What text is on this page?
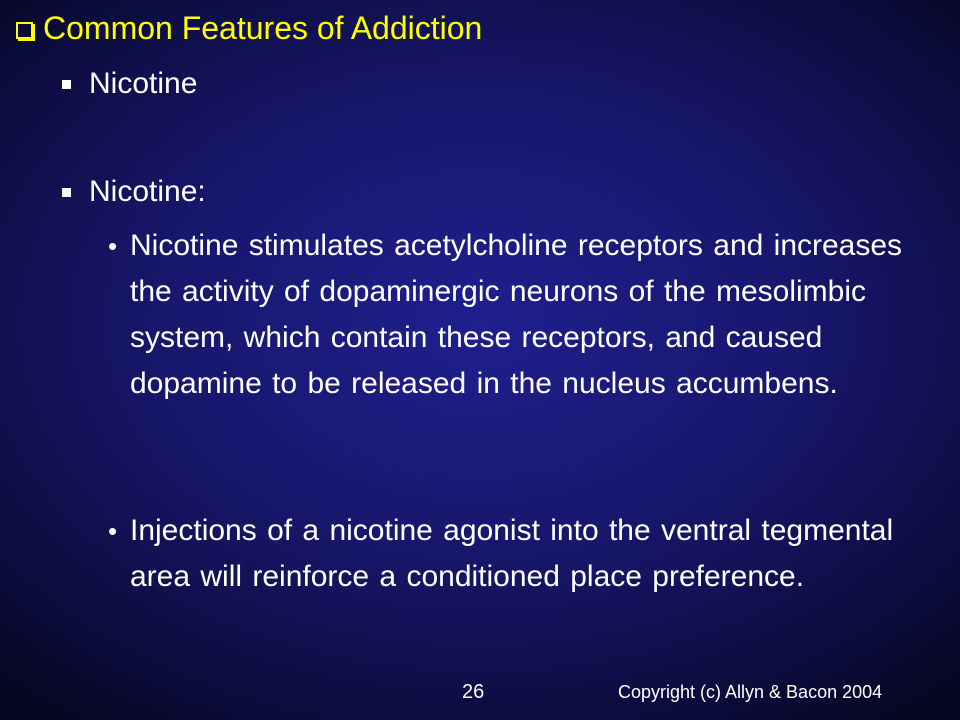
Common Features of Addiction
Nicotine
Nicotine:
• Nicotine stimulates acetylcholine receptors and increases the activity of dopaminergic neurons of the mesolimbic system, which contain these receptors, and caused dopamine to be released in the nucleus accumbens.
• Injections of a nicotine agonist into the ventral tegmental area will reinforce a conditioned place preference.
26	Copyright (c) Allyn & Bacon 2004
